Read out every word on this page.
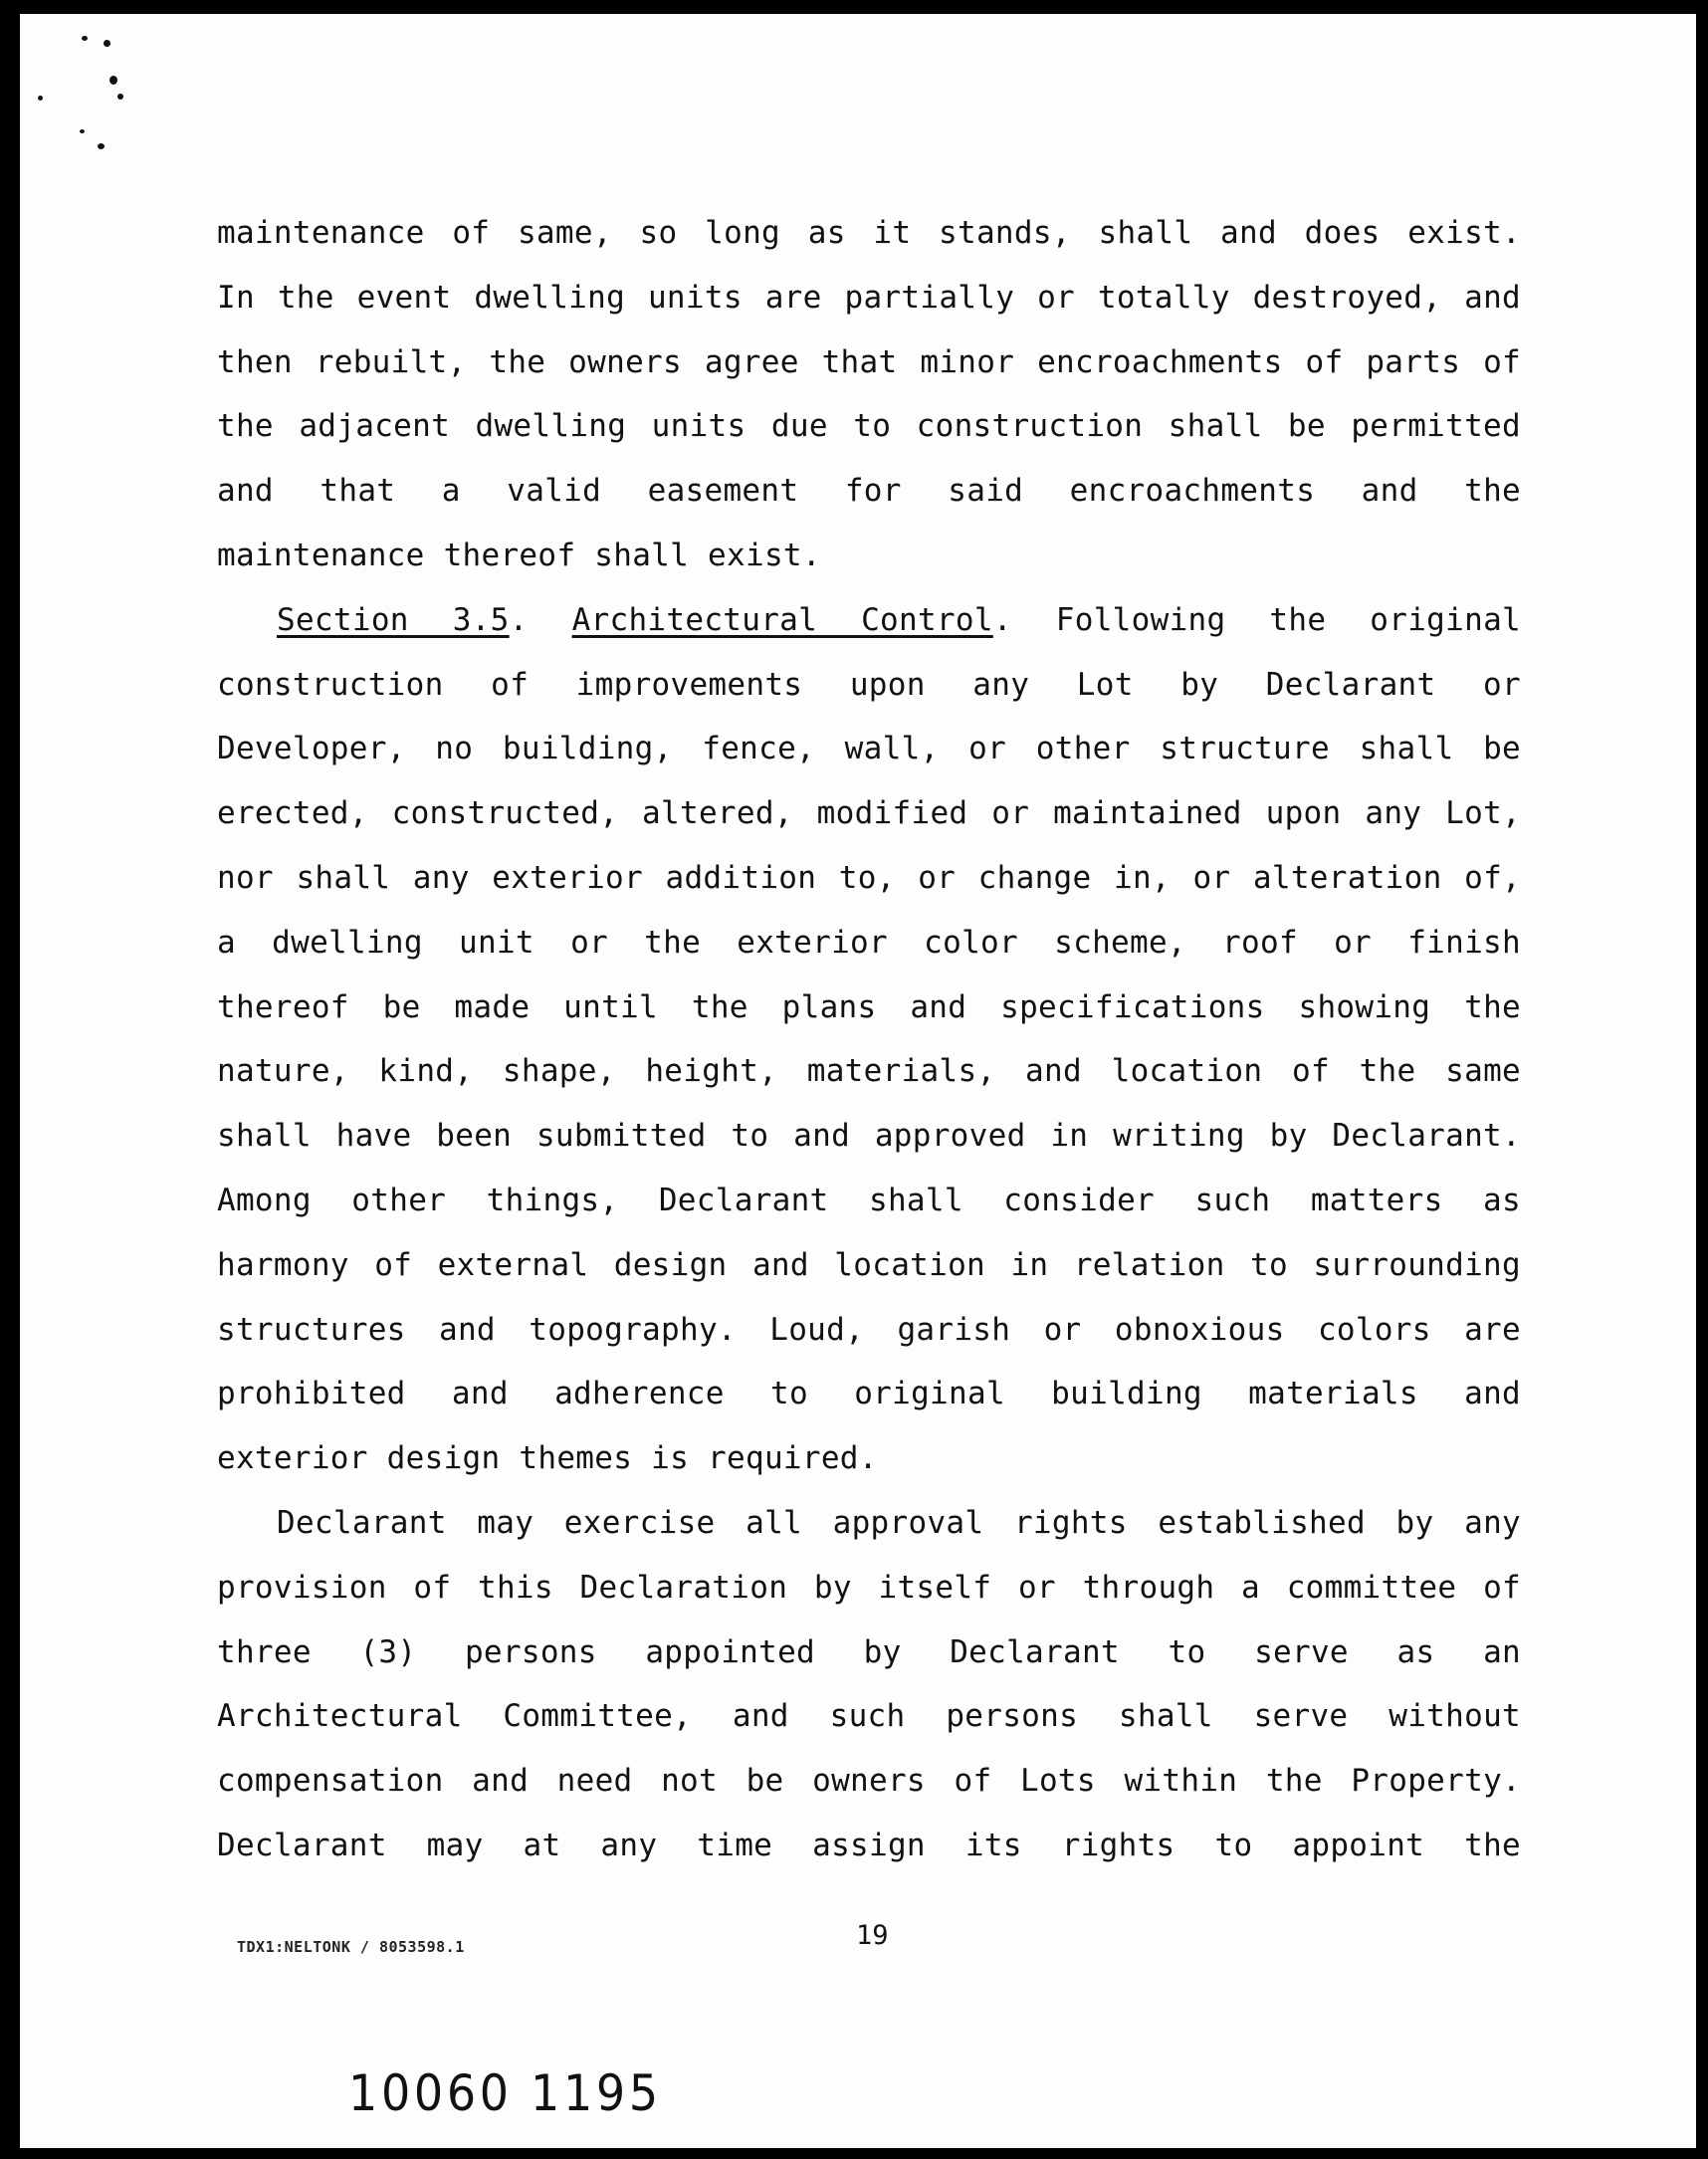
maintenance of same, so long as it stands, shall and does exist.
In the event dwelling units are partially or totally destroyed, and
then rebuilt, the owners agree that minor encroachments of parts of
the adjacent dwelling units due to construction shall be permitted
and that a valid easement for said encroachments and the
maintenance thereof shall exist.
Section 3.5. Architectural Control. Following the original
construction of improvements upon any Lot by Declarant or
Developer, no building, fence, wall, or other structure shall be
erected, constructed, altered, modified or maintained upon any Lot,
nor shall any exterior addition to, or change in, or alteration of,
a dwelling unit or the exterior color scheme, roof or finish
thereof be made until the plans and specifications showing the
nature, kind, shape, height, materials, and location of the same
shall have been submitted to and approved in writing by Declarant.
Among other things, Declarant shall consider such matters as
harmony of external design and location in relation to surrounding
structures and topography. Loud, garish or obnoxious colors are
prohibited and adherence to original building materials and
exterior design themes is required.
Declarant may exercise all approval rights established by any
provision of this Declaration by itself or through a committee of
three (3) persons appointed by Declarant to serve as an
Architectural Committee, and such persons shall serve without
compensation and need not be owners of Lots within the Property.
Declarant may at any time assign its rights to appoint the
TDX1:NELTONK / 8053598.1	19
10060 1195
